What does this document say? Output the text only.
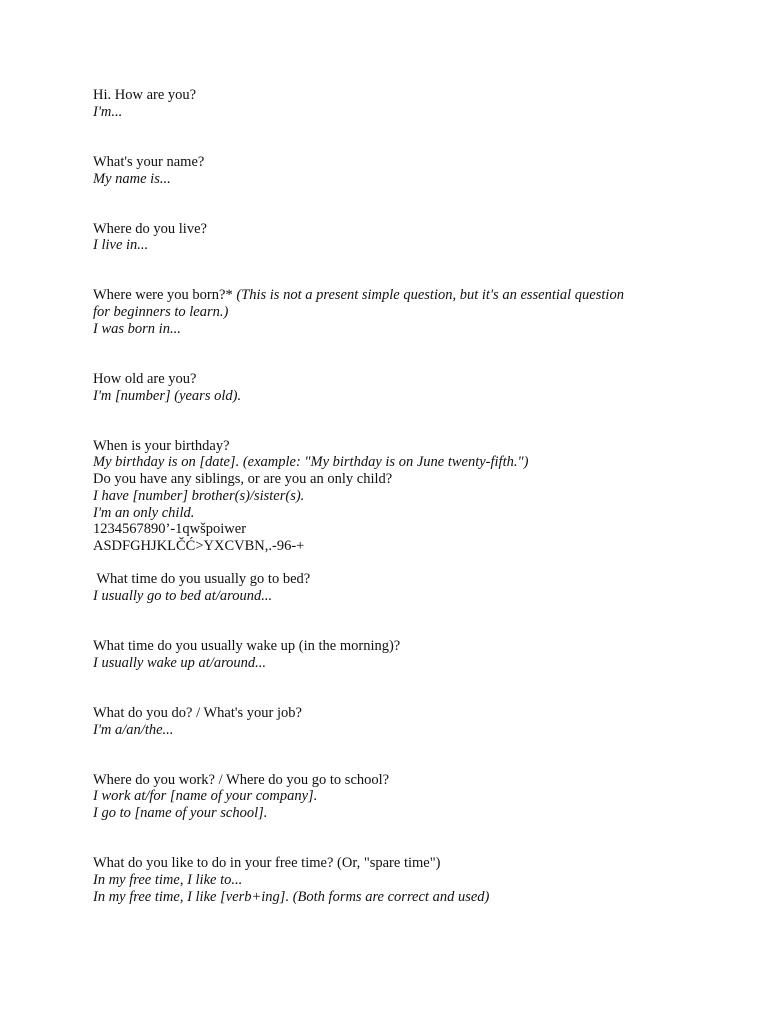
Hi. How are you?

I'm...

What's your name?

My name is...

Where do you live?

I live in...

Where were you born?* (This is not a present simple question, but it's an essential question

for beginners to learn.)

I was born in...

How old are you?

I'm [number] (years old).

When is your birthday?

My birthday is on [date]. (example: "My birthday is on June twenty-fifth.")

Do you have any siblings, or are you an only child?

I have [number] brother(s)/sister(s).

I'm an only child.

1234567890’-1qwšpoiwer

ASDFGHJKLČĆ>YXCVBN,.-96-+

What time do you usually go to bed?

I usually go to bed at/around...

What time do you usually wake up (in the morning)?

I usually wake up at/around...

What do you do? / What's your job?

I'm a/an/the...

Where do you work? / Where do you go to school?

I work at/for [name of your company].

I go to [name of your school].

What do you like to do in your free time? (Or, "spare time")

In my free time, I like to...

In my free time, I like [verb+ing]. (Both forms are correct and used)
